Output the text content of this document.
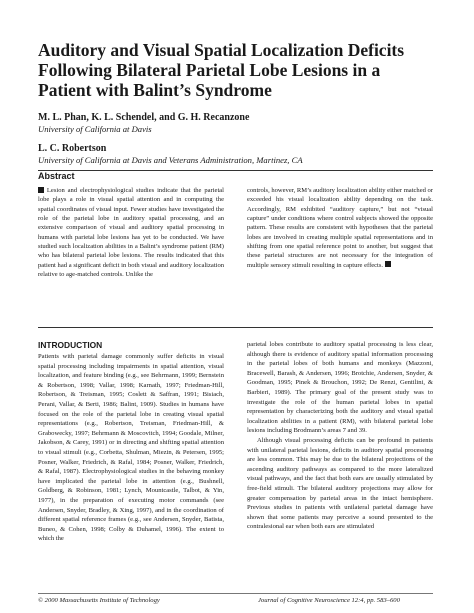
Auditory and Visual Spatial Localization Deficits Following Bilateral Parietal Lobe Lesions in a Patient with Balint’s Syndrome

M. L. Phan, K. L. Schendel, and G. H. Recanzone

University of California at Davis

L. C. Robertson

University of California at Davis and Veterans Administration, Martinez, CA

Abstract
Lesion and electrophysiological studies indicate that the parietal lobe plays a role in visual spatial attention and in computing the spatial coordinates of visual input. Fewer studies have investigated the role of the parietal lobe in auditory spatial processing, and an extensive comparison of visual and auditory spatial processing in humans with parietal lobe lesions has yet to be conducted. We have studied such localization abilities in a Balint’s syndrome patient (RM) who has bilateral parietal lobe lesions. The results indicated that this patient had a significant deficit in both visual and auditory localization relative to age-matched controls. Unlike the
controls, however, RM’s auditory localization ability either matched or exceeded his visual localization ability depending on the task. Accordingly, RM exhibited “auditory capture,” but not “visual capture” under conditions where control subjects showed the opposite pattern. These results are consistent with hypotheses that the parietal lobes are involved in creating multiple spatial representations and in shifting from one spatial reference point to another, but suggest that these parietal structures are not necessary for the integration of multiple sensory stimuli resulting in capture effects.
INTRODUCTION

Patients with parietal damage commonly suffer deficits in visual spatial processing including impairments in spatial attention, visual localization, and feature binding (e.g., see Behrmann, 1999; Bernstein & Robertson, 1998; Vallar, 1998; Karnath, 1997; Friedman-Hill, Robertson, & Treisman, 1995; Coslett & Saffran, 1991; Bisiach, Perani, Vallar, & Berti, 1986; Balint, 1909). Studies in humans have focused on the role of the parietal lobe in creating visual spatial representations (e.g., Robertson, Treisman, Friedman-Hill, & Grabowecky, 1997; Behrmann & Moscovitch, 1994; Goodale, Milner, Jakobson, & Carey, 1991) or in directing and shifting spatial attention to visual stimuli (e.g., Corbetta, Shulman, Miezin, & Petersen, 1995; Posner, Walker, Friedrich, & Rafal, 1984; Posner, Walker, Friedrich, & Rafal, 1987). Electrophysiological studies in the behaving monkey have implicated the parietal lobe in attention (e.g., Bushnell, Goldberg, & Robinson, 1981; Lynch, Mountcastle, Talbot, & Yin, 1977), in the preparation of executing motor commands (see Andersen, Snyder, Bradley, & Xing, 1997), and in the coordination of different spatial reference frames (e.g., see Andersen, Snyder, Batista, Buneo, & Cohen, 1998; Colby & Duhamel, 1996). The extent to which the

parietal lobes contribute to auditory spatial processing is less clear, although there is evidence of auditory spatial information processing in the parietal lobes of both humans and monkeys (Mazzoni, Bracewell, Barash, & Andersen, 1996; Brotchie, Andersen, Snyder, & Goodman, 1995; Pinek & Brouchon, 1992; De Renzi, Gentilini, & Barbieri, 1989). The primary goal of the present study was to investigate the role of the human parietal lobes in spatial representation by characterizing both the auditory and visual spatial localization abilities in a patient (RM), with bilateral parietal lobe lesions including Brodmann’s areas 7 and 39.

Although visual processing deficits can be profound in patients with unilateral parietal lesions, deficits in auditory spatial processing are less common. This may be due to the bilateral projections of the ascending auditory pathways as compared to the more lateralized visual pathways, and the fact that both ears are usually stimulated by free-field stimuli. The bilateral auditory projections may allow for greater compensation by parietal areas in the intact hemisphere. Previous studies in patients with unilateral parietal damage have shown that some patients may perceive a sound presented to the contralesional ear when both ears are stimulated

© 2000 Massachusetts Institute of Technology	Journal of Cognitive Neuroscience 12:4, pp. 583–600
